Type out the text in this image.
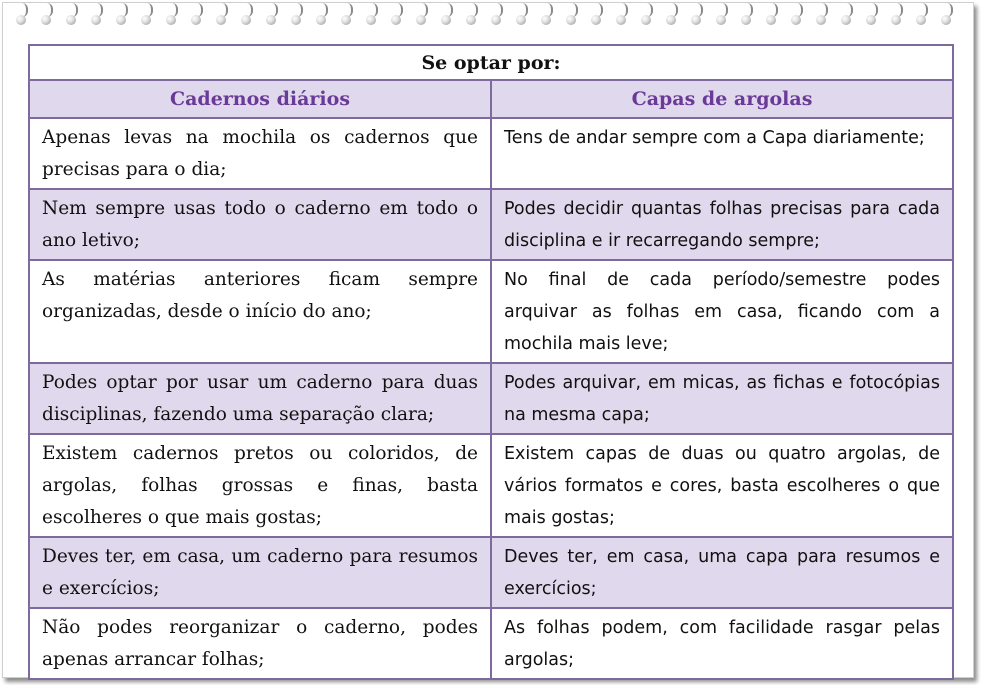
Se optar por:	
Cadernos diários	Capas de argolas
Apenas levas na mochila os cadernos que precisas para o dia;	Tens de andar sempre com a Capa diariamente;
Nem sempre usas todo o caderno em todo o ano letivo;	Podes decidir quantas folhas precisas para cada disciplina e ir recarregando sempre;
As matérias anteriores ficam sempre organizadas, desde o início do ano;	No final de cada período/semestre podes arquivar as folhas em casa, ficando com a mochila mais leve;
Podes optar por usar um caderno para duas disciplinas, fazendo uma separação clara;	Podes arquivar, em micas, as fichas e fotocópias na mesma capa;
Existem cadernos pretos ou coloridos, de argolas, folhas grossas e finas, basta escolheres o que mais gostas;	Existem capas de duas ou quatro argolas, de vários formatos e cores, basta escolheres o que mais gostas;
Deves ter, em casa, um caderno para resumos e exercícios;	Deves ter, em casa, uma capa para resumos e exercícios;
Não podes reorganizar o caderno, podes apenas arrancar folhas;	As folhas podem, com facilidade rasgar pelas argolas;
